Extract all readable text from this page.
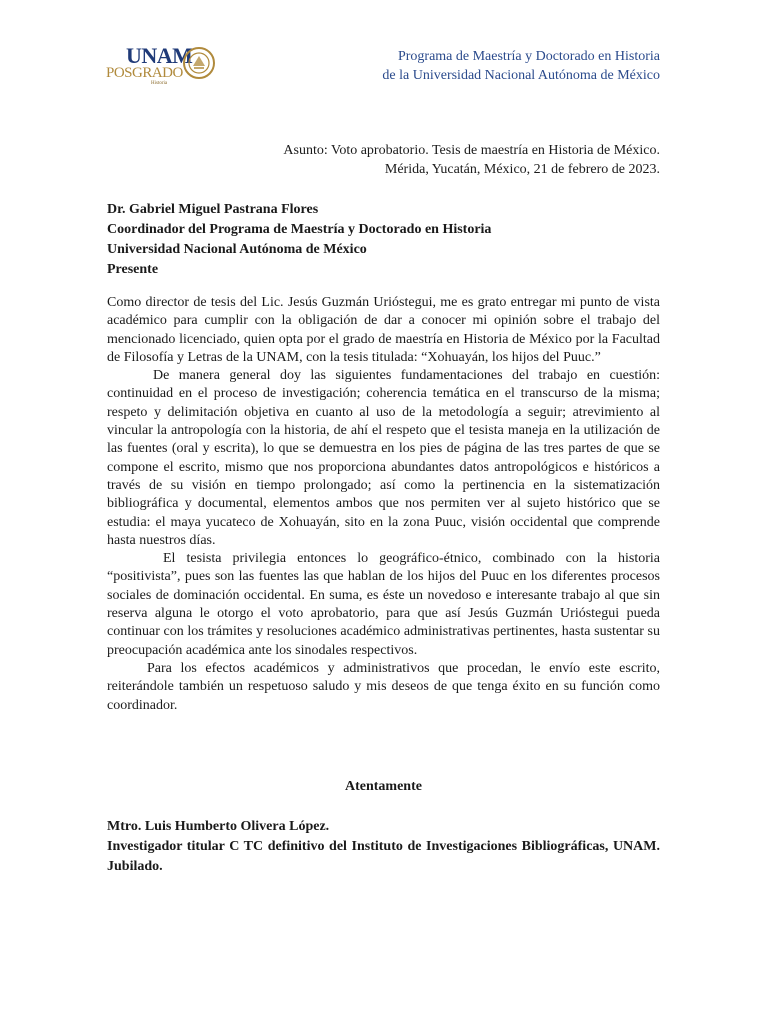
UNAM
POSGRADO
Historia
Programa de Maestría y Doctorado en Historia
de la Universidad Nacional Autónoma de México
Asunto: Voto aprobatorio. Tesis de maestría en Historia de México.
Mérida, Yucatán, México, 21 de febrero de 2023.
Dr. Gabriel Miguel Pastrana Flores
Coordinador del Programa de Maestría y Doctorado en Historia
Universidad Nacional Autónoma de México
Presente

Como director de tesis del Lic. Jesús Guzmán Urióstegui, me es grato entregar mi punto de vista académico para cumplir con la obligación de dar a conocer mi opinión sobre el trabajo del mencionado licenciado, quien opta por el grado de maestría en Historia de México por la Facultad de Filosofía y Letras de la UNAM, con la tesis titulada: “Xohuayán, los hijos del Puuc.”

De manera general doy las siguientes fundamentaciones del trabajo en cuestión: continuidad en el proceso de investigación; coherencia temática en el transcurso de la misma; respeto y delimitación objetiva en cuanto al uso de la metodología a seguir; atrevimiento al vincular la antropología con la historia, de ahí el respeto que el tesista maneja en la utilización de las fuentes (oral y escrita), lo que se demuestra en los pies de página de las tres partes de que se compone el escrito, mismo que nos proporciona abundantes datos antropológicos e históricos a través de su visión en tiempo prolongado; así como la pertinencia en la sistematización bibliográfica y documental, elementos ambos que nos permiten ver al sujeto histórico que se estudia: el maya yucateco de Xohuayán, sito en la zona Puuc, visión occidental que comprende hasta nuestros días.

El tesista privilegia entonces lo geográfico-étnico, combinado con la historia “positivista”, pues son las fuentes las que hablan de los hijos del Puuc en los diferentes procesos sociales de dominación occidental. En suma, es éste un novedoso e interesante trabajo al que sin reserva alguna le otorgo el voto aprobatorio, para que así Jesús Guzmán Urióstegui pueda continuar con los trámites y resoluciones académico administrativas pertinentes, hasta sustentar su preocupación académica ante los sinodales respectivos.

Para los efectos académicos y administrativos que procedan, le envío este escrito, reiterándole también un respetuoso saludo y mis deseos de que tenga éxito en su función como coordinador.

Atentamente
Mtro. Luis Humberto Olivera López.
Investigador titular C TC definitivo del Instituto de Investigaciones Bibliográficas, UNAM. Jubilado.
